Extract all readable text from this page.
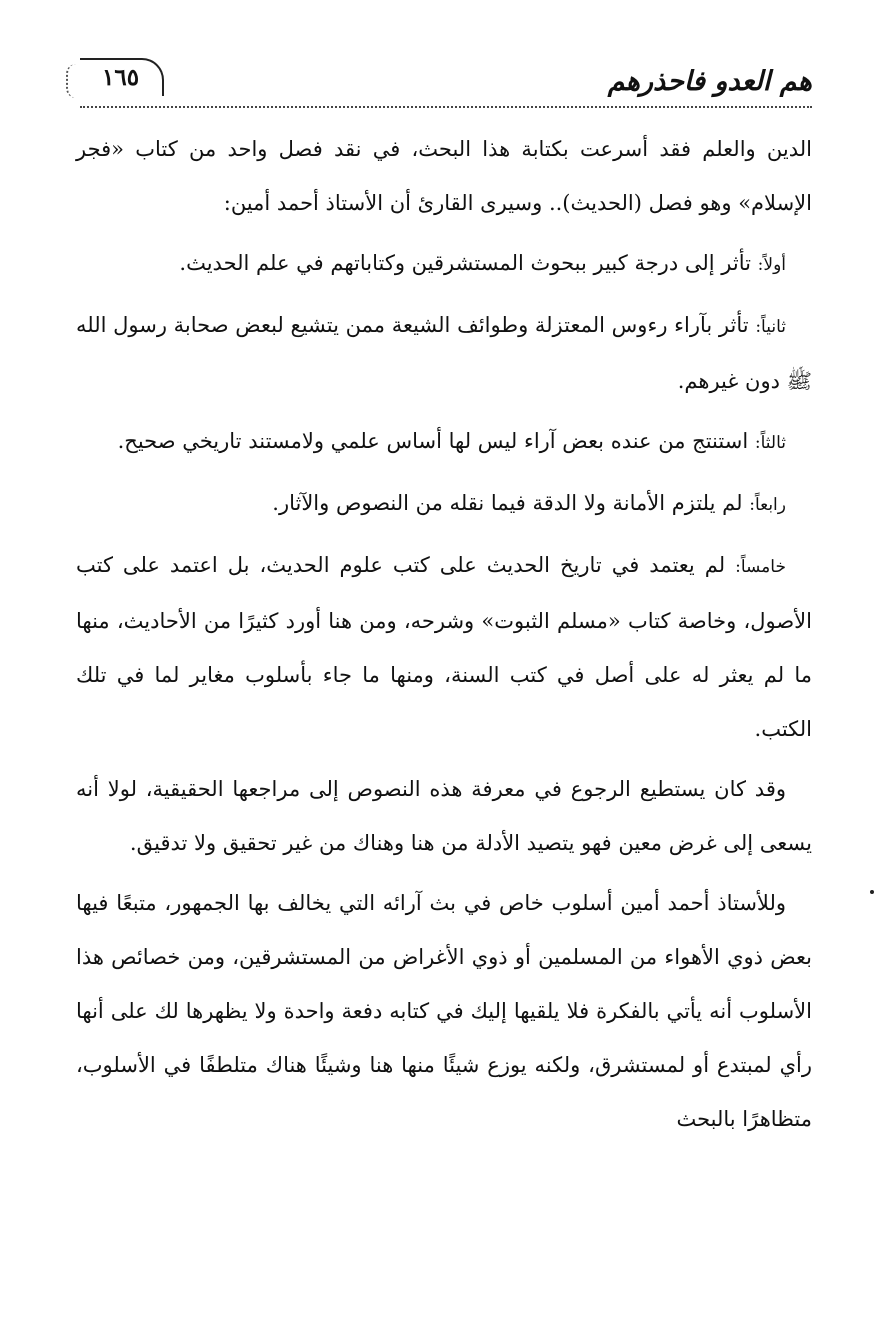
١٦٥	هم العدو فاحذرهم

الدين والعلم فقد أسرعت بكتابة هذا البحث، في نقد فصل واحد من كتاب «فجر الإسلام» وهو فصل (الحديث).. وسيرى القارئ أن الأستاذ أحمد أمين:

أولاً: تأثر إلى درجة كبير ببحوث المستشرقين وكتاباتهم في علم الحديث.

ثانياً: تأثر بآراء رءوس المعتزلة وطوائف الشيعة ممن يتشيع لبعض صحابة رسول الله ﷺ دون غيرهم.

ثالثاً: استنتج من عنده بعض آراء ليس لها أساس علمي ولامستند تاريخي صحيح.

رابعاً: لم يلتزم الأمانة ولا الدقة فيما نقله من النصوص والآثار.

خامساً: لم يعتمد في تاريخ الحديث على كتب علوم الحديث، بل اعتمد على كتب الأصول، وخاصة كتاب «مسلم الثبوت» وشرحه، ومن هنا أورد كثيرًا من الأحاديث، منها ما لم يعثر له على أصل في كتب السنة، ومنها ما جاء بأسلوب مغاير لما في تلك الكتب.

وقد كان يستطيع الرجوع في معرفة هذه النصوص إلى مراجعها الحقيقية، لولا أنه يسعى إلى غرض معين فهو يتصيد الأدلة من هنا وهناك من غير تحقيق ولا تدقيق.

وللأستاذ أحمد أمين أسلوب خاص في بث آرائه التي يخالف بها الجمهور، متبعًا فيها بعض ذوي الأهواء من المسلمين أو ذوي الأغراض من المستشرقين، ومن خصائص هذا الأسلوب أنه يأتي بالفكرة فلا يلقيها إليك في كتابه دفعة واحدة ولا يظهرها لك على أنها رأي لمبتدع أو لمستشرق، ولكنه يوزع شيئًا منها هنا وشيئًا هناك متلطفًا في الأسلوب، متظاهرًا بالبحث
